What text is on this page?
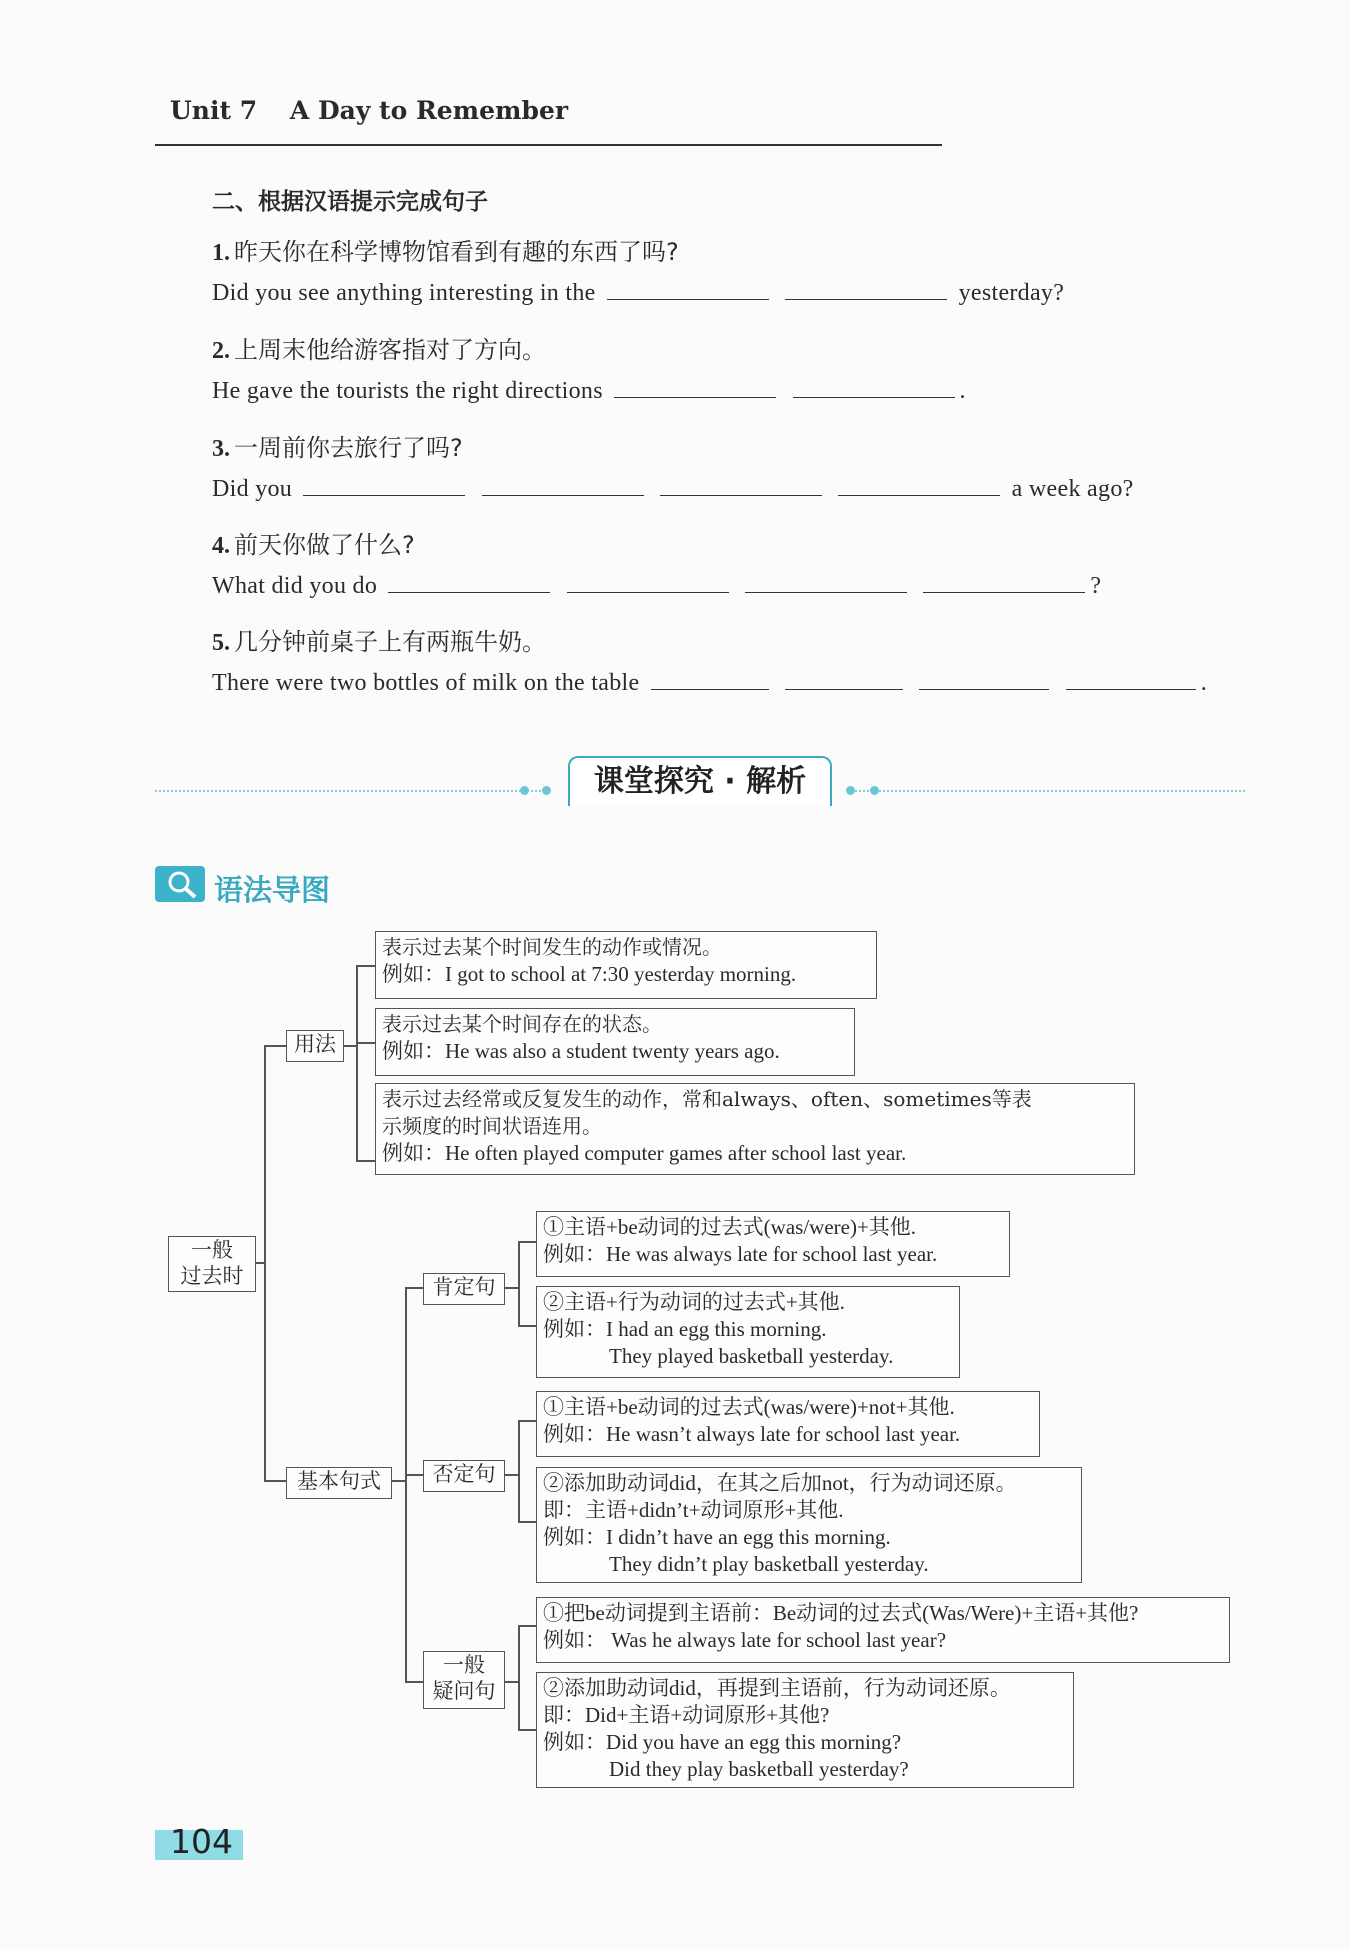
Unit 7 A Day to Remember
二、根据汉语提示完成句子
1. 昨天你在科学博物馆看到有趣的东西了吗?
Did you see anything interesting in the	yesterday?
2. 上周末他给游客指对了方向。
He gave the tourists the right directions	.
3. 一周前你去旅行了吗?
Did you	a week ago?
4. 前天你做了什么?
What did you do	?
5. 几分钟前桌子上有两瓶牛奶。
There were two bottles of milk on the table	.
课堂探究 · 解析
语法导图
一般
过去时
用法
基本句式
肯定句
否定句
一般
疑问句
表示过去某个时间发生的动作或情况。
例如：I got to school at 7:30 yesterday morning.
表示过去某个时间存在的状态。
例如：He was also a student twenty years ago.
表示过去经常或反复发生的动作，常和always、often、sometimes等表
示频度的时间状语连用。
例如：He often played computer games after school last year.
①主语+be动词的过去式(was/were)+其他.
例如：He was always late for school last year.
②主语+行为动词的过去式+其他.
例如：I had an egg this morning.
They played basketball yesterday.
①主语+be动词的过去式(was/were)+not+其他.
例如：He wasn’t always late for school last year.
②添加助动词did，在其之后加not，行为动词还原。
即：主语+didn’t+动词原形+其他.
例如：I didn’t have an egg this morning.
They didn’t play basketball yesterday.
①把be动词提到主语前：Be动词的过去式(Was/Were)+主语+其他?
例如： Was he always late for school last year?
②添加助动词did，再提到主语前，行为动词还原。
即：Did+主语+动词原形+其他?
例如：Did you have an egg this morning?
Did they play basketball yesterday?
104
